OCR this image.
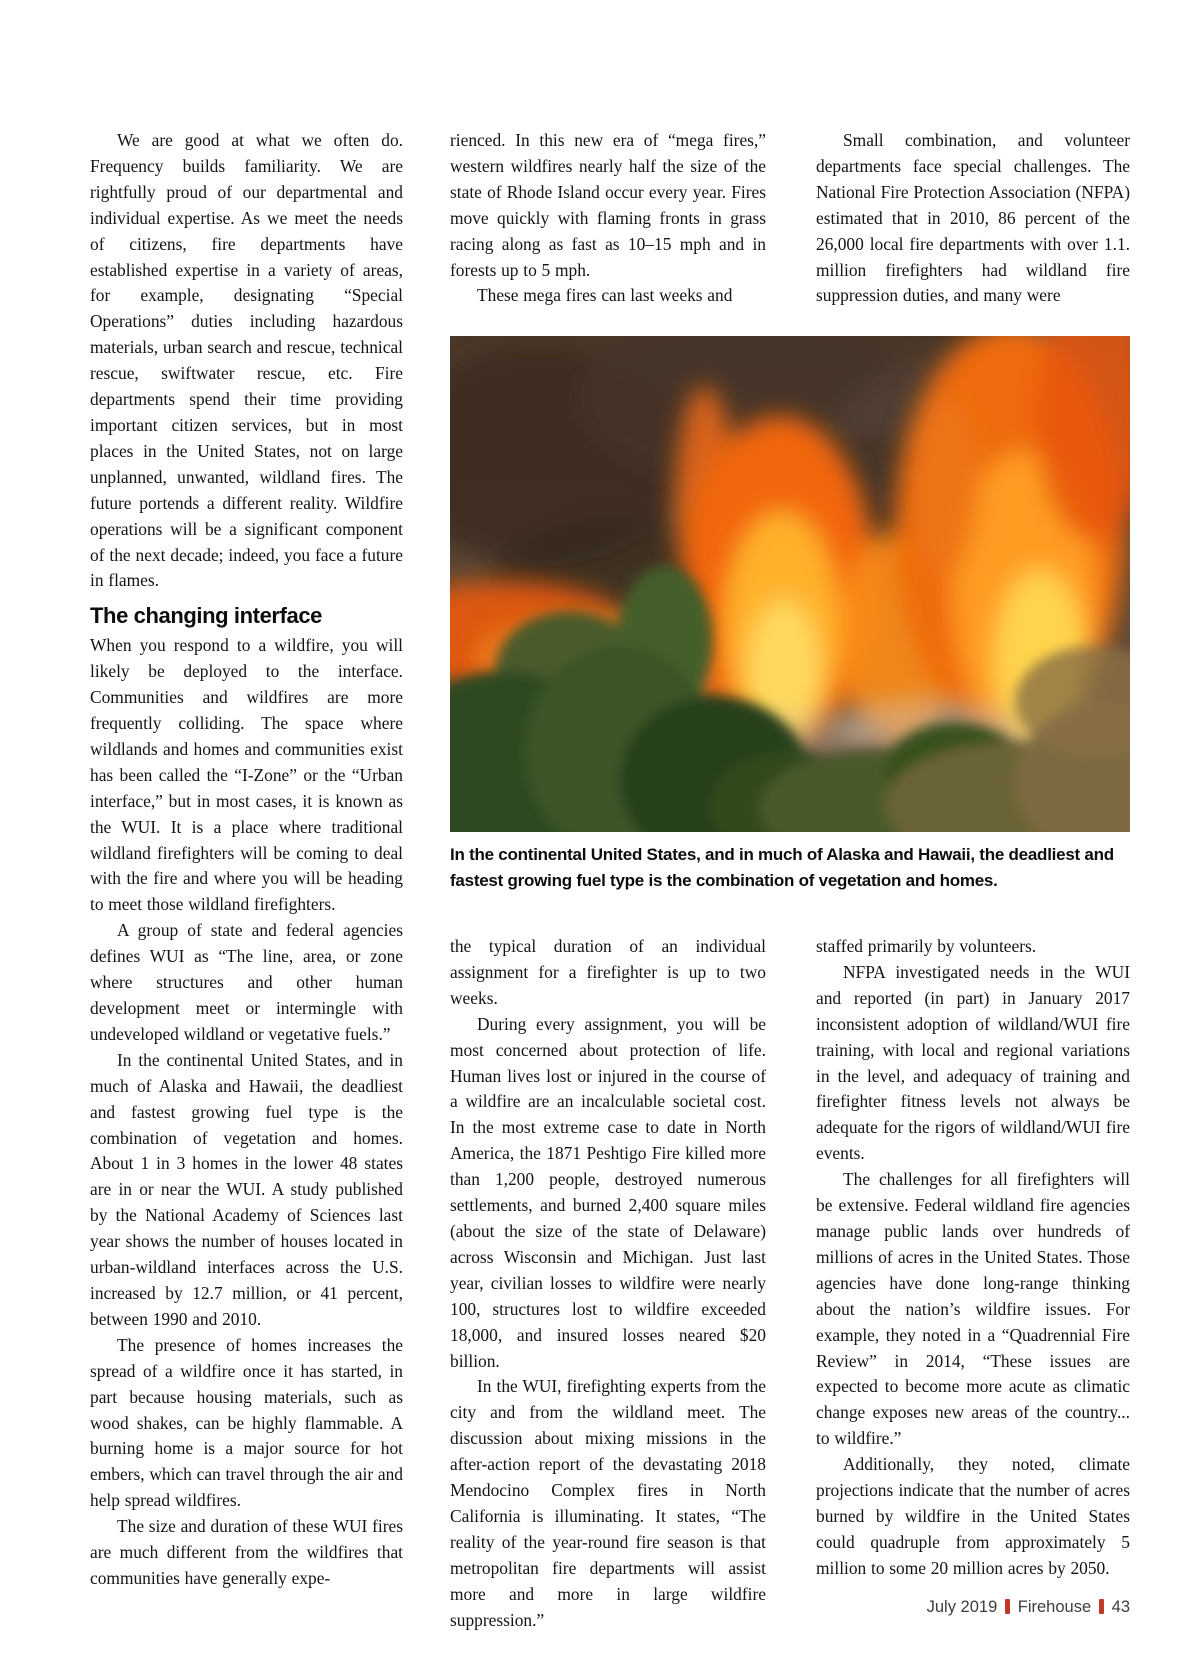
We are good at what we often do. Frequency builds familiarity. We are rightfully proud of our departmental and individual expertise. As we meet the needs of citizens, fire departments have established expertise in a variety of areas, for example, designating “Special Operations” duties including hazardous materials, urban search and rescue, technical rescue, swiftwater rescue, etc. Fire departments spend their time providing important citizen services, but in most places in the United States, not on large unplanned, unwanted, wildland fires. The future portends a different reality. Wildfire operations will be a significant component of the next decade; indeed, you face a future in flames.

The changing interface

When you respond to a wildfire, you will likely be deployed to the interface. Communities and wildfires are more frequently colliding. The space where wildlands and homes and communities exist has been called the “I-Zone” or the “Urban interface,” but in most cases, it is known as the WUI. It is a place where traditional wildland firefighters will be coming to deal with the fire and where you will be heading to meet those wildland firefighters.

A group of state and federal agencies defines WUI as “The line, area, or zone where structures and other human development meet or intermingle with undeveloped wildland or vegetative fuels.”

In the continental United States, and in much of Alaska and Hawaii, the deadliest and fastest growing fuel type is the combination of vegetation and homes. About 1 in 3 homes in the lower 48 states are in or near the WUI. A study published by the National Academy of Sciences last year shows the number of houses located in urban-wildland interfaces across the U.S. increased by 12.7 million, or 41 percent, between 1990 and 2010.

The presence of homes increases the spread of a wildfire once it has started, in part because housing materials, such as wood shakes, can be highly flammable. A burning home is a major source for hot embers, which can travel through the air and help spread wildfires.

The size and duration of these WUI fires are much different from the wildfires that communities have generally expe-

rienced. In this new era of “mega fires,” western wildfires nearly half the size of the state of Rhode Island occur every year. Fires move quickly with flaming fronts in grass racing along as fast as 10–15 mph and in forests up to 5 mph.

These mega fires can last weeks and

Small combination, and volunteer departments face special challenges. The National Fire Protection Association (NFPA) estimated that in 2010, 86 percent of the 26,000 local fire departments with over 1.1. million firefighters had wildland fire suppression duties, and many were

In the continental United States, and in much of Alaska and Hawaii, the deadliest and fastest growing fuel type is the combination of vegetation and homes.

the typical duration of an individual assignment for a firefighter is up to two weeks.

During every assignment, you will be most concerned about protection of life. Human lives lost or injured in the course of a wildfire are an incalculable societal cost. In the most extreme case to date in North America, the 1871 Peshtigo Fire killed more than 1,200 people, destroyed numerous settlements, and burned 2,400 square miles (about the size of the state of Delaware) across Wisconsin and Michigan. Just last year, civilian losses to wildfire were nearly 100, structures lost to wildfire exceeded 18,000, and insured losses neared $20 billion.

In the WUI, firefighting experts from the city and from the wildland meet. The discussion about mixing missions in the after-action report of the devastating 2018 Mendocino Complex fires in North California is illuminating. It states, “The reality of the year-round fire season is that metropolitan fire departments will assist more and more in large wildfire suppression.”

staffed primarily by volunteers.

NFPA investigated needs in the WUI and reported (in part) in January 2017 inconsistent adoption of wildland/WUI fire training, with local and regional variations in the level, and adequacy of training and firefighter fitness levels not always be adequate for the rigors of wildland/WUI fire events.

The challenges for all firefighters will be extensive. Federal wildland fire agencies manage public lands over hundreds of millions of acres in the United States. Those agencies have done long-range thinking about the nation’s wildfire issues. For example, they noted in a “Quadrennial Fire Review” in 2014, “These issues are expected to become more acute as climatic change exposes new areas of the country... to wildfire.”

Additionally, they noted, climate projections indicate that the number of acres burned by wildfire in the United States could quadruple from approximately 5 million to some 20 million acres by 2050.

July 2019 Firehouse 43
